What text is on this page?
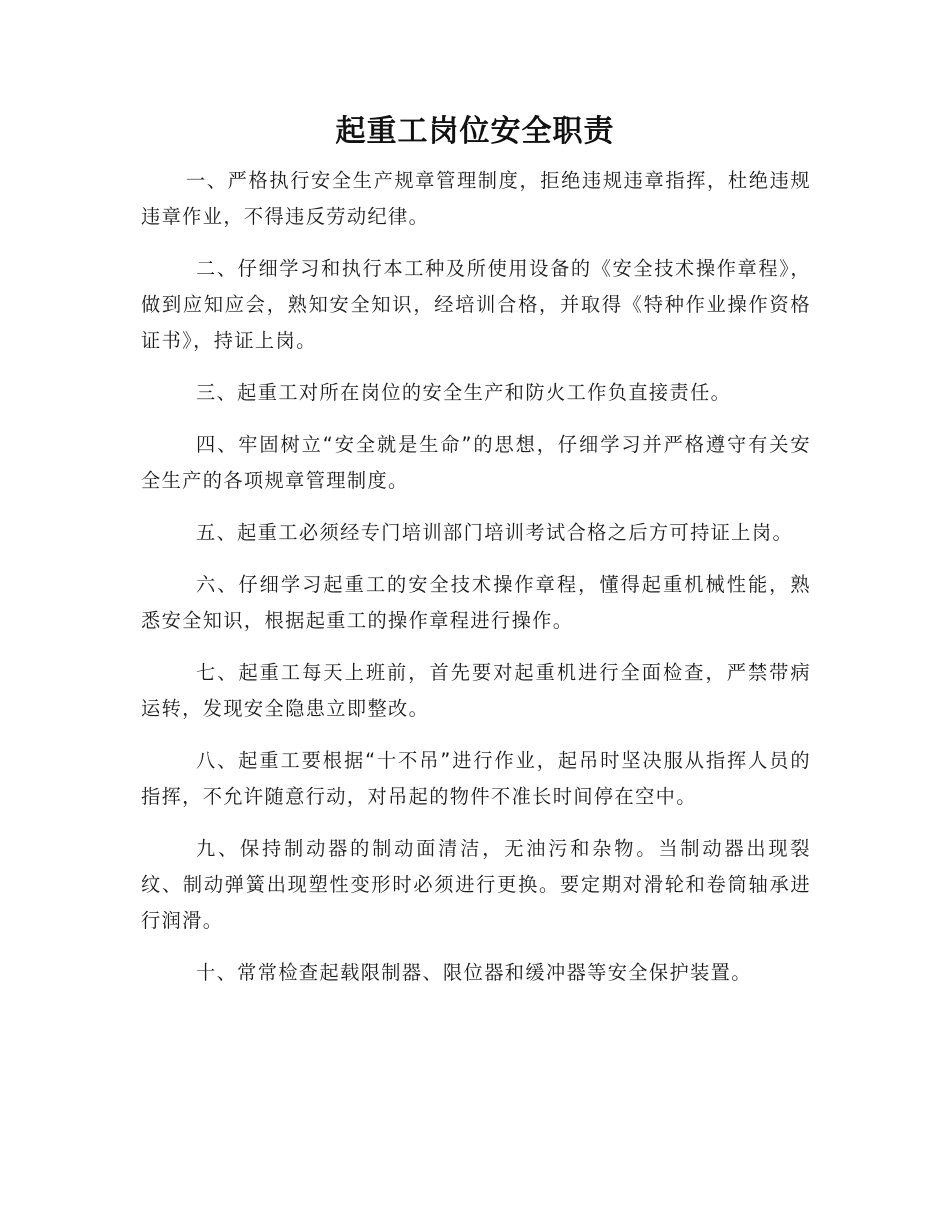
起重工岗位安全职责

一、严格执行安全生产规章管理制度，拒绝违规违章指挥，杜绝违规违章作业，不得违反劳动纪律。

二、仔细学习和执行本工种及所使用设备的《安全技术操作章程》，做到应知应会，熟知安全知识，经培训合格，并取得《特种作业操作资格证书》，持证上岗。

三、起重工对所在岗位的安全生产和防火工作负直接责任。

四、牢固树立“安全就是生命”的思想，仔细学习并严格遵守有关安全生产的各项规章管理制度。

五、起重工必须经专门培训部门培训考试合格之后方可持证上岗。

六、仔细学习起重工的安全技术操作章程，懂得起重机械性能，熟悉安全知识，根据起重工的操作章程进行操作。

七、起重工每天上班前，首先要对起重机进行全面检查，严禁带病运转，发现安全隐患立即整改。

八、起重工要根据“十不吊”进行作业，起吊时坚决服从指挥人员的指挥，不允许随意行动，对吊起的物件不准长时间停在空中。

九、保持制动器的制动面清洁，无油污和杂物。当制动器出现裂纹、制动弹簧出现塑性变形时必须进行更换。要定期对滑轮和卷筒轴承进行润滑。

十、常常检查起载限制器、限位器和缓冲器等安全保护装置。
